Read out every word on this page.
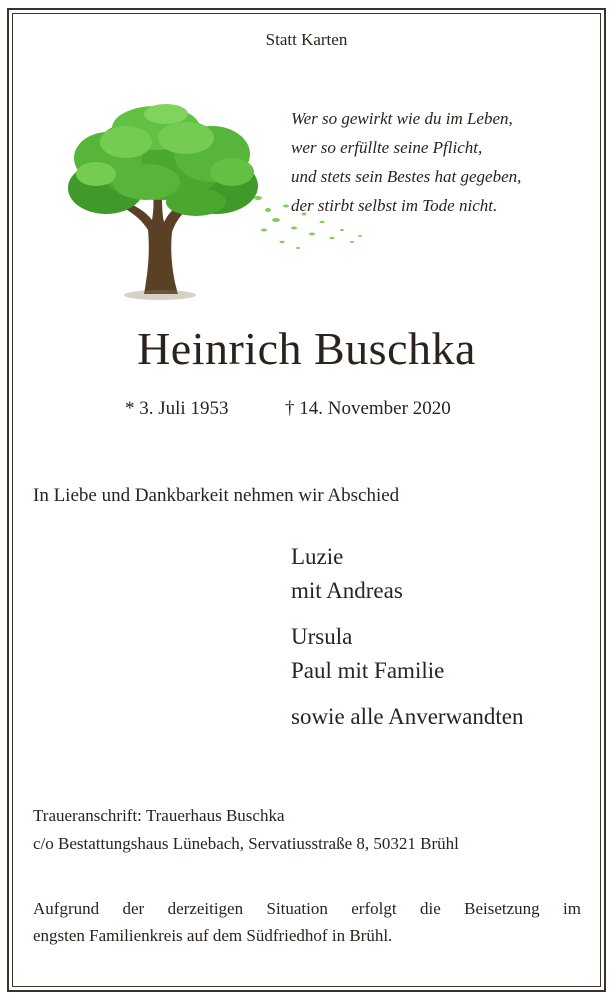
Statt Karten
Wer so gewirkt wie du im Leben,
wer so erfüllte seine Pflicht,
und stets sein Bestes hat gegeben,
der stirbt selbst im Tode nicht.
Heinrich Buschka
* 3. Juli 1953	† 14. November 2020
In Liebe und Dankbarkeit nehmen wir Abschied
Luzie
mit Andreas
Ursula
Paul mit Familie
sowie alle Anverwandten
Traueranschrift: Trauerhaus Buschka
c/o Bestattungshaus Lünebach, Servatiusstraße 8, 50321 Brühl
Aufgrund der derzeitigen Situation erfolgt die Beisetzung im
engsten Familienkreis auf dem Südfriedhof in Brühl.
